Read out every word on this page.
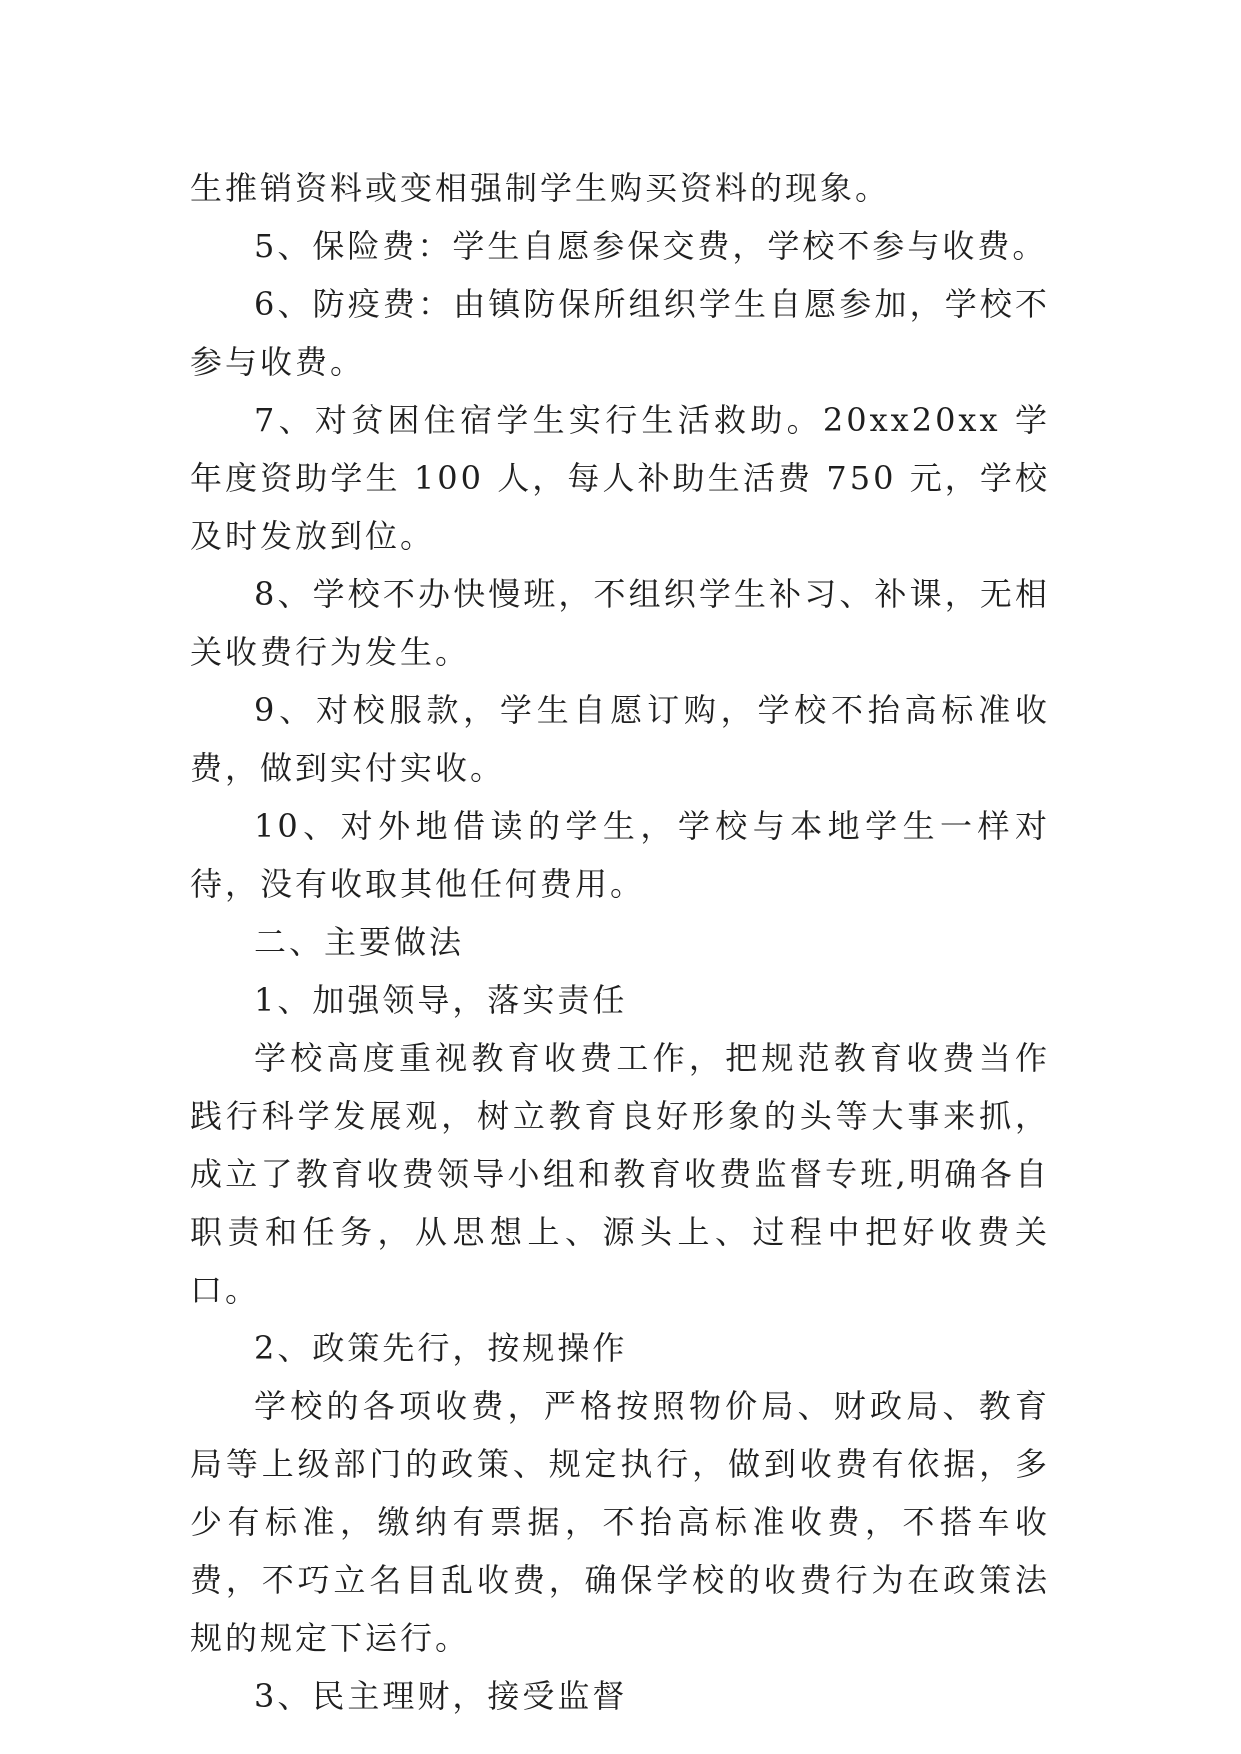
生推销资料或变相强制学生购买资料的现象。

5、保险费：学生自愿参保交费，学校不参与收费。

6、防疫费：由镇防保所组织学生自愿参加，学校不参与收费。

7、对贫困住宿学生实行生活救助。20xx20xx 学年度资助学生 100 人，每人补助生活费 750 元，学校及时发放到位。

8、学校不办快慢班，不组织学生补习、补课，无相关收费行为发生。

9、对校服款，学生自愿订购，学校不抬高标准收费，做到实付实收。

10、对外地借读的学生，学校与本地学生一样对待，没有收取其他任何费用。

二、主要做法

1、加强领导，落实责任

学校高度重视教育收费工作，把规范教育收费当作践行科学发展观，树立教育良好形象的头等大事来抓，成立了教育收费领导小组和教育收费监督专班,明确各自职责和任务，从思想上、源头上、过程中把好收费关口。

2、政策先行，按规操作

学校的各项收费，严格按照物价局、财政局、教育局等上级部门的政策、规定执行，做到收费有依据，多少有标准，缴纳有票据，不抬高标准收费，不搭车收费，不巧立名目乱收费，确保学校的收费行为在政策法规的规定下运行。

3、民主理财，接受监督
